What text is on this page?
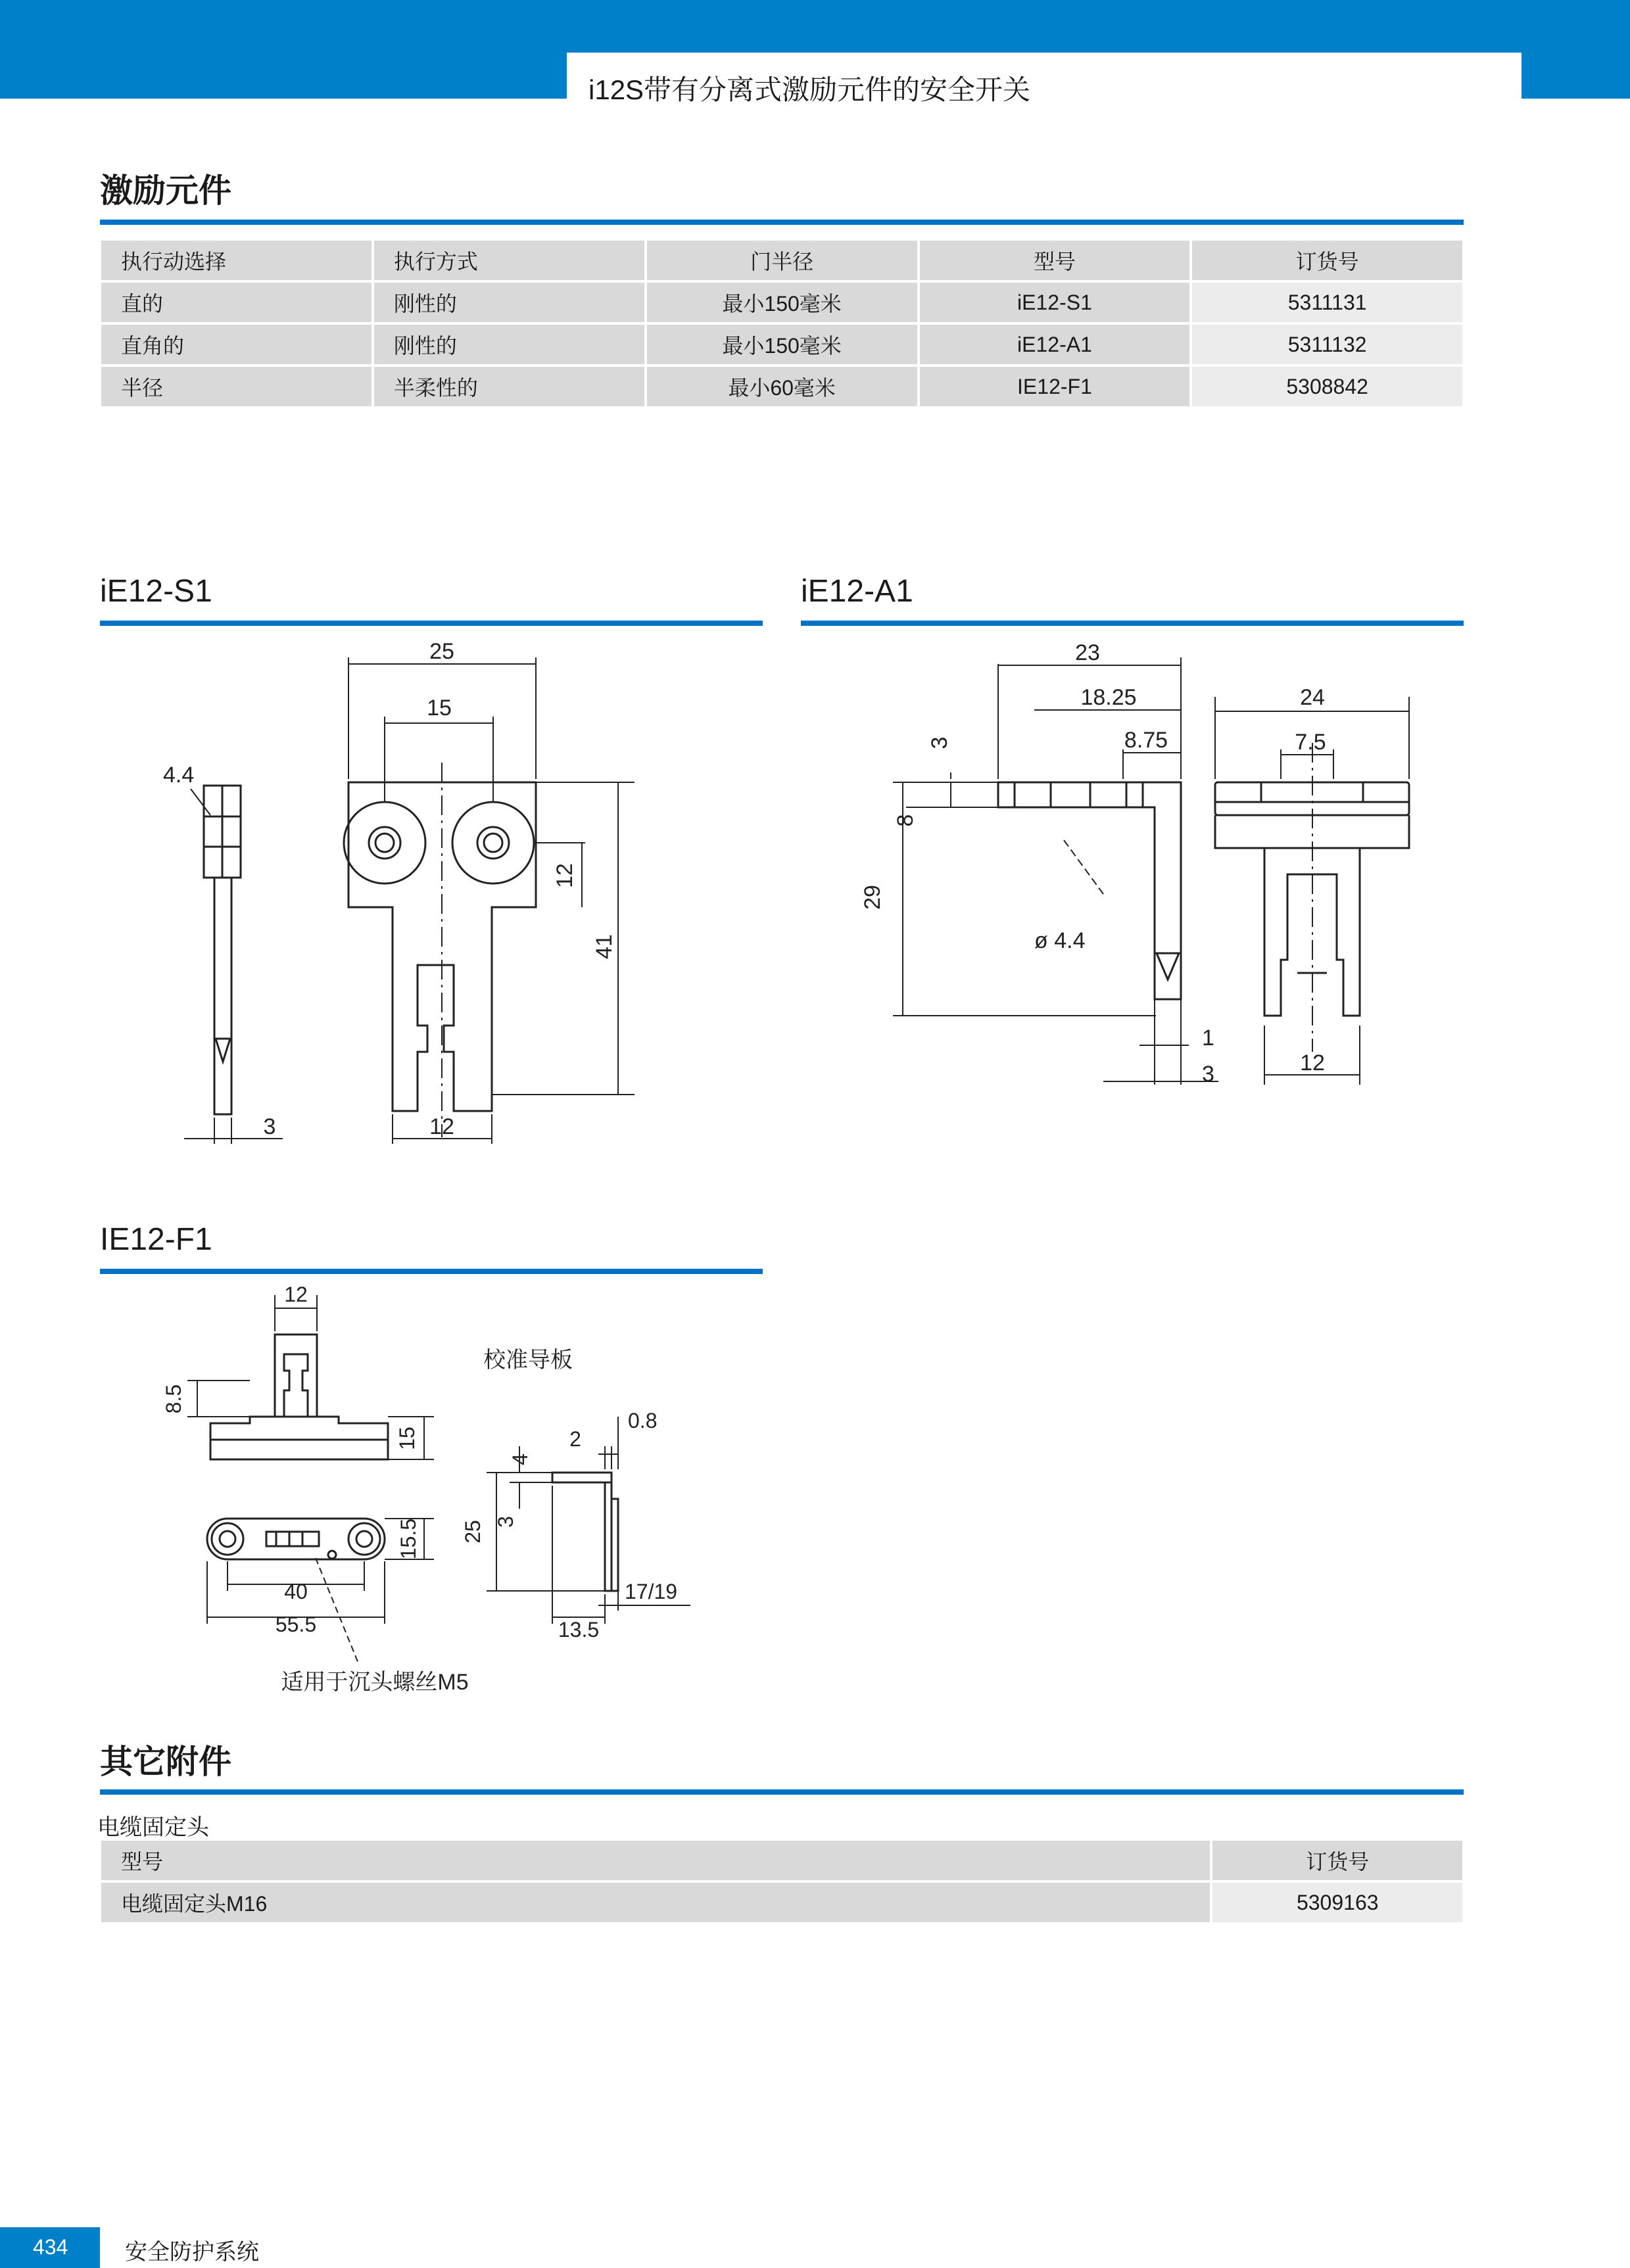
i12S带有分离式激励元件的安全开关
激励元件
执行动选择	执行方式	门半径	型号	订货号
直的	刚性的	最小150毫米	iE12-S1	5311131
直角的	刚性的	最小150毫米	iE12-A1	5311132
半径	半柔性的	最小60毫米	IE12-F1	5308842
iE12-S1	iE12-A1
IE12-F1
25
15
4.4
12
41
12
3
23
18.25
8.75
3
8
29
ø 4.4
1
3
24
7.5
12
12
8.5
15
15.5
40
55.5
校准导板
2
0.8
4
3
25
17/19
13.5
适用于沉头螺丝M5
其它附件
电缆固定头
型号	订货号
电缆固定头M16	5309163
434	安全防护系统
